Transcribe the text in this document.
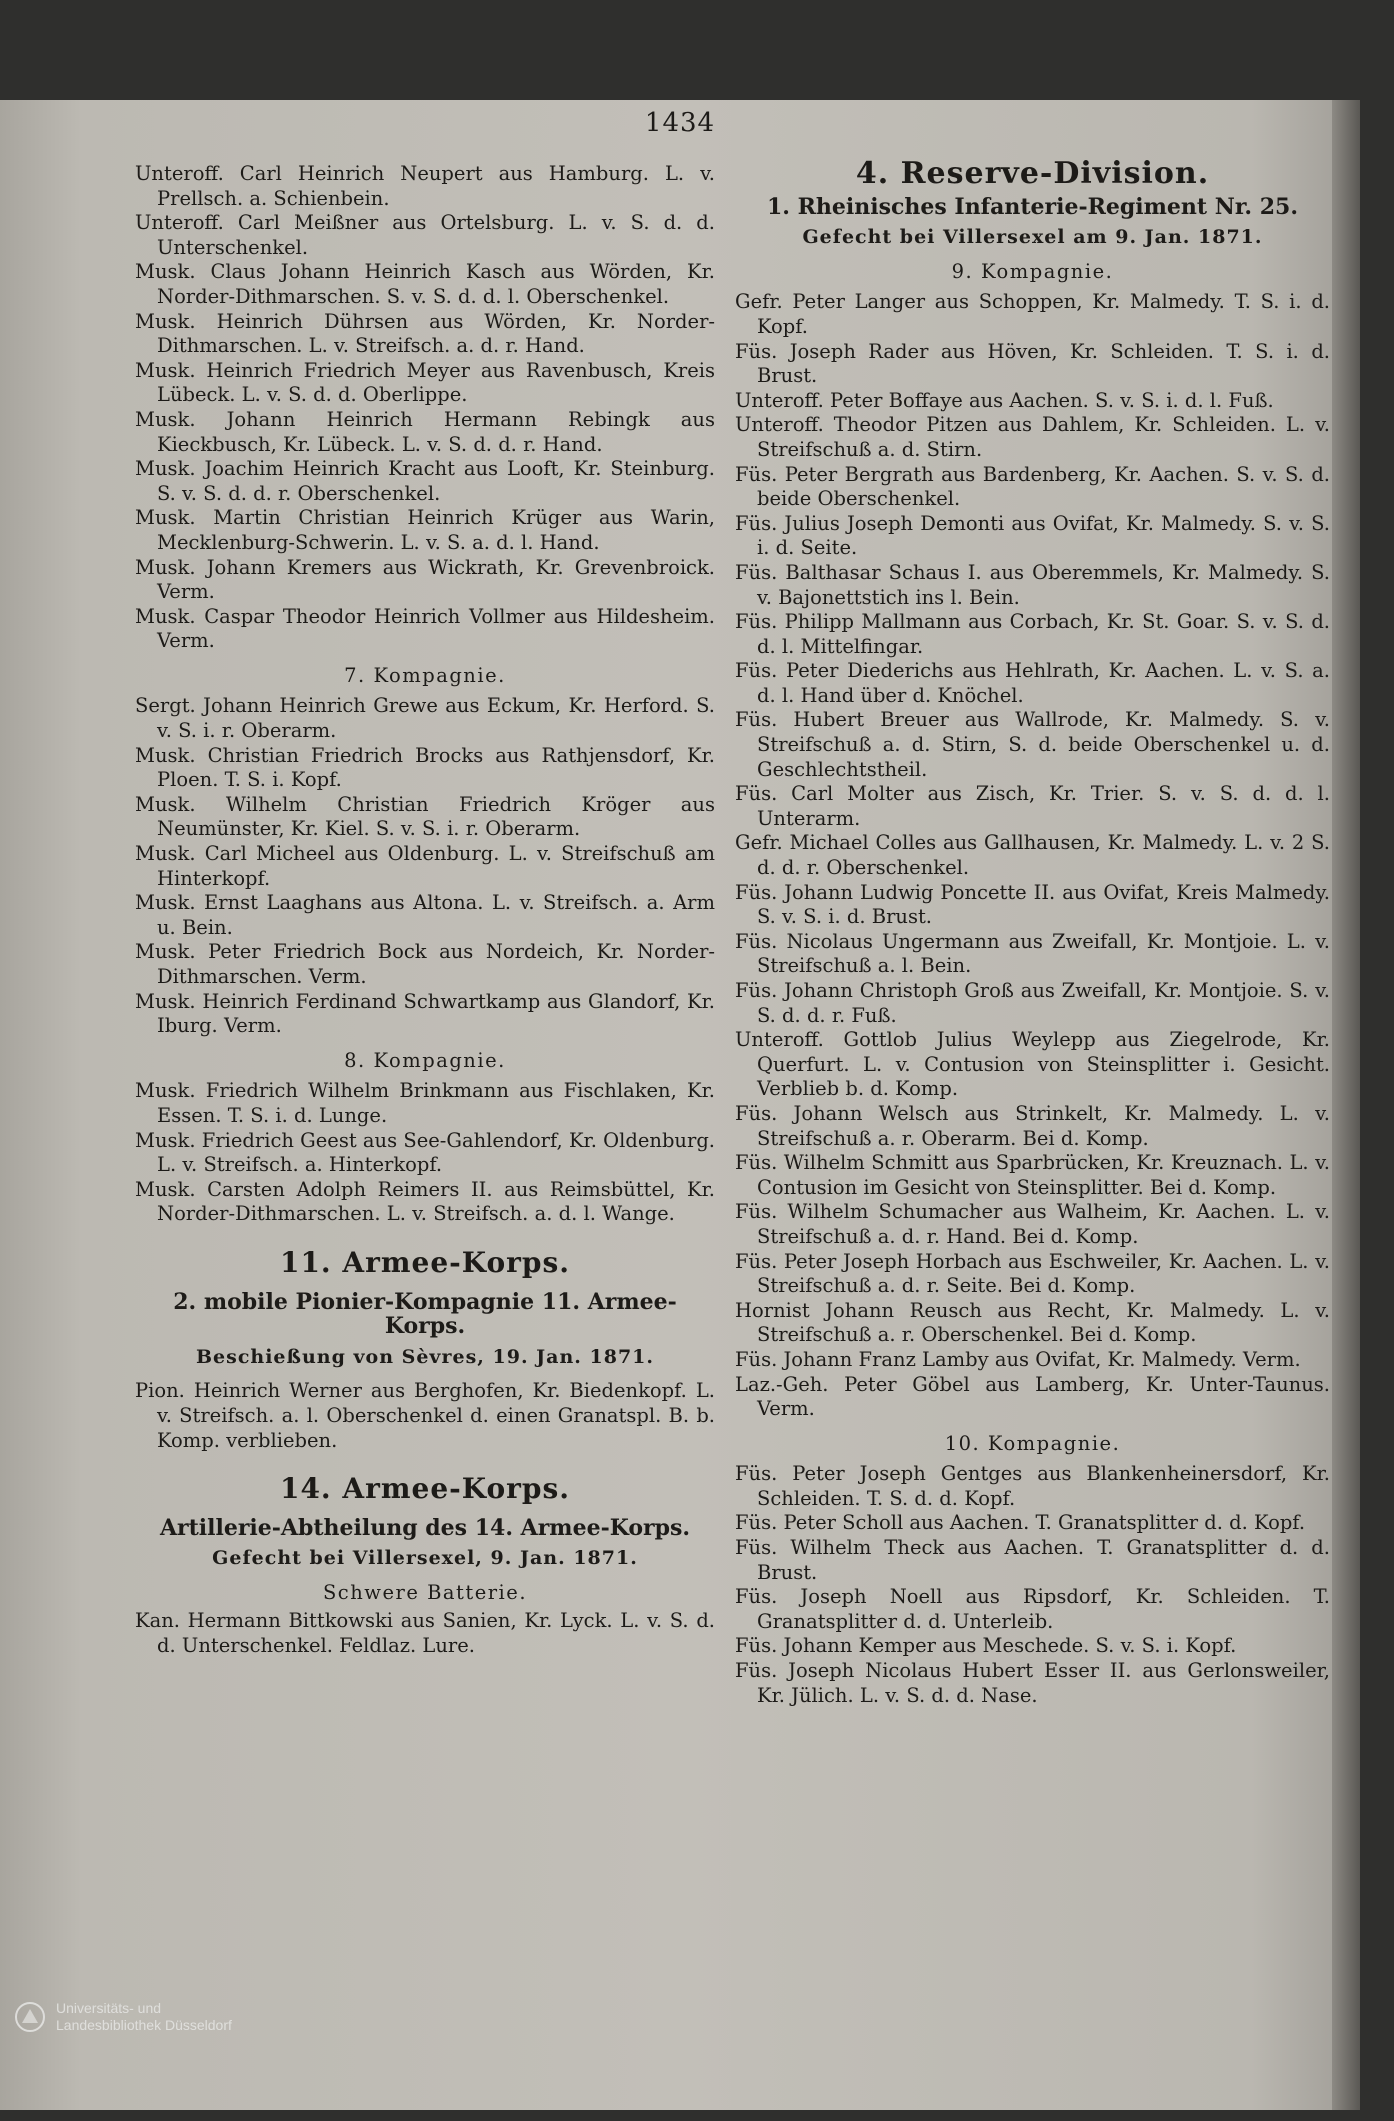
1434

Unteroff. Carl Heinrich Neupert aus Hamburg. L. v. Prellsch. a. Schienbein.

Unteroff. Carl Meißner aus Ortelsburg. L. v. S. d. d. Unterschenkel.

Musk. Claus Johann Heinrich Kasch aus Wörden, Kr. Norder-Dithmarschen. S. v. S. d. d. l. Oberschenkel.

Musk. Heinrich Dührsen aus Wörden, Kr. Norder-Dithmarschen. L. v. Streifsch. a. d. r. Hand.

Musk. Heinrich Friedrich Meyer aus Ravenbusch, Kreis Lübeck. L. v. S. d. d. Oberlippe.

Musk. Johann Heinrich Hermann Rebingk aus Kieckbusch, Kr. Lübeck. L. v. S. d. d. r. Hand.

Musk. Joachim Heinrich Kracht aus Looft, Kr. Steinburg. S. v. S. d. d. r. Oberschenkel.

Musk. Martin Christian Heinrich Krüger aus Warin, Mecklenburg-Schwerin. L. v. S. a. d. l. Hand.

Musk. Johann Kremers aus Wickrath, Kr. Grevenbroick. Verm.

Musk. Caspar Theodor Heinrich Vollmer aus Hildesheim. Verm.

7. Kompagnie.

Sergt. Johann Heinrich Grewe aus Eckum, Kr. Herford. S. v. S. i. r. Oberarm.

Musk. Christian Friedrich Brocks aus Rathjensdorf, Kr. Ploen. T. S. i. Kopf.

Musk. Wilhelm Christian Friedrich Kröger aus Neumünster, Kr. Kiel. S. v. S. i. r. Oberarm.

Musk. Carl Micheel aus Oldenburg. L. v. Streifschuß am Hinterkopf.

Musk. Ernst Laaghans aus Altona. L. v. Streifsch. a. Arm u. Bein.

Musk. Peter Friedrich Bock aus Nordeich, Kr. Norder-Dithmarschen. Verm.

Musk. Heinrich Ferdinand Schwartkamp aus Glandorf, Kr. Iburg. Verm.

8. Kompagnie.

Musk. Friedrich Wilhelm Brinkmann aus Fischlaken, Kr. Essen. T. S. i. d. Lunge.

Musk. Friedrich Geest aus See-Gahlendorf, Kr. Oldenburg. L. v. Streifsch. a. Hinterkopf.

Musk. Carsten Adolph Reimers II. aus Reimsbüttel, Kr. Norder-Dithmarschen. L. v. Streifsch. a. d. l. Wange.

11. Armee-Korps.

2. mobile Pionier-Kompagnie 11. Armee-Korps.

Beschießung von Sèvres, 19. Jan. 1871.

Pion. Heinrich Werner aus Berghofen, Kr. Biedenkopf. L. v. Streifsch. a. l. Oberschenkel d. einen Granatspl. B. b. Komp. verblieben.

14. Armee-Korps.

Artillerie-Abtheilung des 14. Armee-Korps.

Gefecht bei Villersexel, 9. Jan. 1871.

Schwere Batterie.

Kan. Hermann Bittkowski aus Sanien, Kr. Lyck. L. v. S. d. d. Unterschenkel. Feldlaz. Lure.

4. Reserve-Division.

1. Rheinisches Infanterie-Regiment Nr. 25.

Gefecht bei Villersexel am 9. Jan. 1871.

9. Kompagnie.

Gefr. Peter Langer aus Schoppen, Kr. Malmedy. T. S. i. d. Kopf.

Füs. Joseph Rader aus Höven, Kr. Schleiden. T. S. i. d. Brust.

Unteroff. Peter Boffaye aus Aachen. S. v. S. i. d. l. Fuß.

Unteroff. Theodor Pitzen aus Dahlem, Kr. Schleiden. L. v. Streifschuß a. d. Stirn.

Füs. Peter Bergrath aus Bardenberg, Kr. Aachen. S. v. S. d. beide Oberschenkel.

Füs. Julius Joseph Demonti aus Ovifat, Kr. Malmedy. S. v. S. i. d. Seite.

Füs. Balthasar Schaus I. aus Oberemmels, Kr. Malmedy. S. v. Bajonettstich ins l. Bein.

Füs. Philipp Mallmann aus Corbach, Kr. St. Goar. S. v. S. d. d. l. Mittelfingar.

Füs. Peter Diederichs aus Hehlrath, Kr. Aachen. L. v. S. a. d. l. Hand über d. Knöchel.

Füs. Hubert Breuer aus Wallrode, Kr. Malmedy. S. v. Streifschuß a. d. Stirn, S. d. beide Oberschenkel u. d. Geschlechtstheil.

Füs. Carl Molter aus Zisch, Kr. Trier. S. v. S. d. d. l. Unterarm.

Gefr. Michael Colles aus Gallhausen, Kr. Malmedy. L. v. 2 S. d. d. r. Oberschenkel.

Füs. Johann Ludwig Poncette II. aus Ovifat, Kreis Malmedy. S. v. S. i. d. Brust.

Füs. Nicolaus Ungermann aus Zweifall, Kr. Montjoie. L. v. Streifschuß a. l. Bein.

Füs. Johann Christoph Groß aus Zweifall, Kr. Montjoie. S. v. S. d. d. r. Fuß.

Unteroff. Gottlob Julius Weylepp aus Ziegelrode, Kr. Querfurt. L. v. Contusion von Steinsplitter i. Gesicht. Verblieb b. d. Komp.

Füs. Johann Welsch aus Strinkelt, Kr. Malmedy. L. v. Streifschuß a. r. Oberarm. Bei d. Komp.

Füs. Wilhelm Schmitt aus Sparbrücken, Kr. Kreuznach. L. v. Contusion im Gesicht von Steinsplitter. Bei d. Komp.

Füs. Wilhelm Schumacher aus Walheim, Kr. Aachen. L. v. Streifschuß a. d. r. Hand. Bei d. Komp.

Füs. Peter Joseph Horbach aus Eschweiler, Kr. Aachen. L. v. Streifschuß a. d. r. Seite. Bei d. Komp.

Hornist Johann Reusch aus Recht, Kr. Malmedy. L. v. Streifschuß a. r. Oberschenkel. Bei d. Komp.

Füs. Johann Franz Lamby aus Ovifat, Kr. Malmedy. Verm.

Laz.-Geh. Peter Göbel aus Lamberg, Kr. Unter-Taunus. Verm.

10. Kompagnie.

Füs. Peter Joseph Gentges aus Blankenheinersdorf, Kr. Schleiden. T. S. d. d. Kopf.

Füs. Peter Scholl aus Aachen. T. Granatsplitter d. d. Kopf.

Füs. Wilhelm Theck aus Aachen. T. Granatsplitter d. d. Brust.

Füs. Joseph Noell aus Ripsdorf, Kr. Schleiden. T. Granatsplitter d. d. Unterleib.

Füs. Johann Kemper aus Meschede. S. v. S. i. Kopf.

Füs. Joseph Nicolaus Hubert Esser II. aus Gerlonsweiler, Kr. Jülich. L. v. S. d. d. Nase.

Universitäts- und
Landesbibliothek Düsseldorf
